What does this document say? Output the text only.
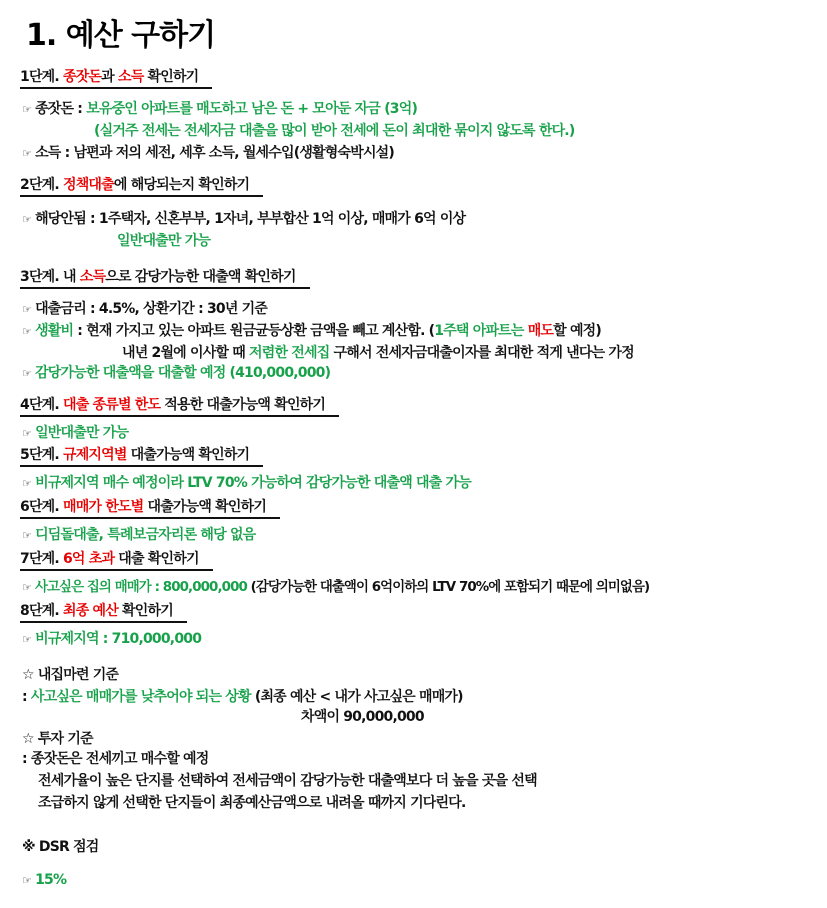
1. 예산 구하기
1단계. 종잣돈과 소득 확인하기
☞ 종잣돈 : 보유중인 아파트를 매도하고 남은 돈 + 모아둔 자금 (3억)
(실거주 전세는 전세자금 대출을 많이 받아 전세에 돈이 최대한 묶이지 않도록 한다.)
☞ 소득 : 남편과 저의 세전, 세후 소득, 월세수입(생활형숙박시설)
2단계. 정책대출에 해당되는지 확인하기
☞ 해당안됨 : 1주택자, 신혼부부, 1자녀, 부부합산 1억 이상, 매매가 6억 이상
일반대출만 가능
3단계. 내 소득으로 감당가능한 대출액 확인하기
☞ 대출금리 : 4.5%, 상환기간 : 30년 기준
☞ 생활비 : 현재 가지고 있는 아파트 원금균등상환 금액을 빼고 계산함. (1주택 아파트는 매도할 예정)
내년 2월에 이사할 때 저렴한 전세집 구해서 전세자금대출이자를 최대한 적게 낸다는 가정
☞ 감당가능한 대출액을 대출할 예정 (410,000,000)
4단계. 대출 종류별 한도 적용한 대출가능액 확인하기
☞ 일반대출만 가능
5단계. 규제지역별 대출가능액 확인하기
☞ 비규제지역 매수 예정이라 LTV 70% 가능하여 감당가능한 대출액 대출 가능
6단계. 매매가 한도별 대출가능액 확인하기
☞ 디딤돌대출, 특례보금자리론 해당 없음
7단계. 6억 초과 대출 확인하기
☞ 사고싶은 집의 매매가 : 800,000,000 (감당가능한 대출액이 6억이하의 LTV 70%에 포함되기 때문에 의미없음)
8단계. 최종 예산 확인하기
☞ 비규제지역 : 710,000,000
☆ 내집마련 기준
: 사고싶은 매매가를 낮추어야 되는 상황 (최종 예산 < 내가 사고싶은 매매가)
차액이 90,000,000
☆ 투자 기준
: 종잣돈은 전세끼고 매수할 예정
전세가율이 높은 단지를 선택하여 전세금액이 감당가능한 대출액보다 더 높을 곳을 선택
조급하지 않게 선택한 단지들이 최종예산금액으로 내려올 때까지 기다린다.
※ DSR 점검
☞ 15%
